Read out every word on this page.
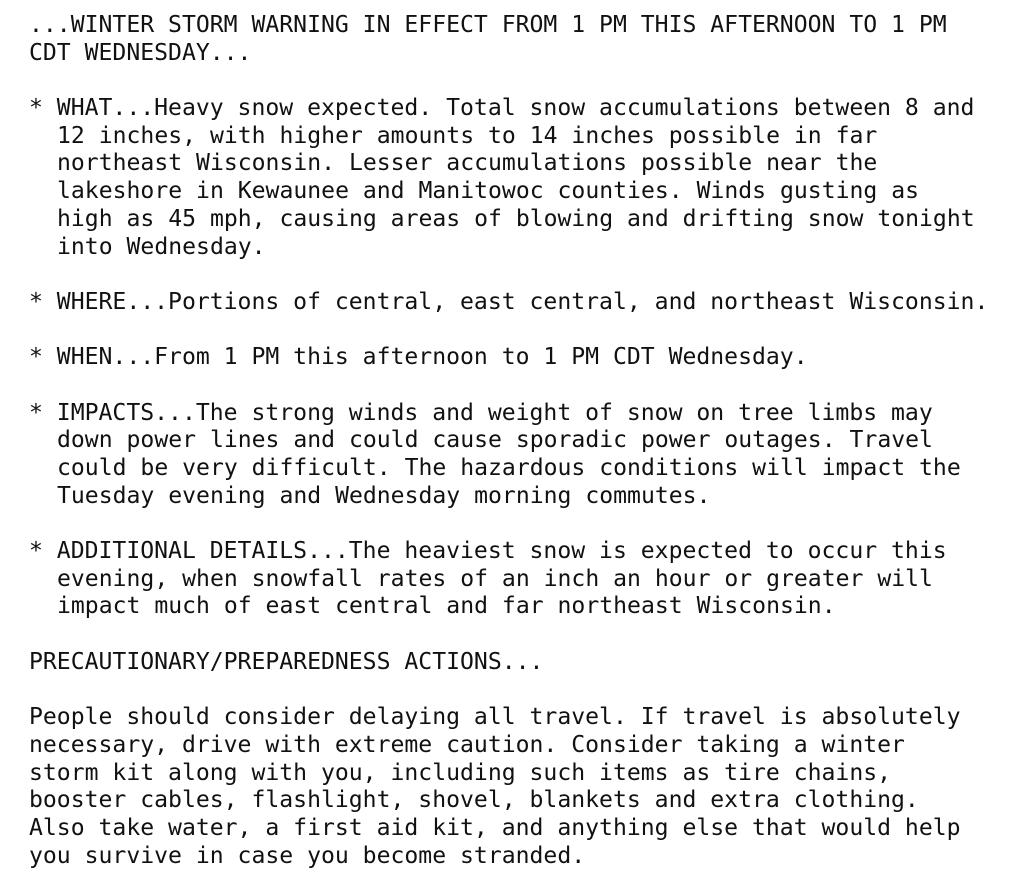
...WINTER STORM WARNING IN EFFECT FROM 1 PM THIS AFTERNOON TO 1 PM
CDT WEDNESDAY...
* WHAT...Heavy snow expected. Total snow accumulations between 8 and
12 inches, with higher amounts to 14 inches possible in far
northeast Wisconsin. Lesser accumulations possible near the
lakeshore in Kewaunee and Manitowoc counties. Winds gusting as
high as 45 mph, causing areas of blowing and drifting snow tonight
into Wednesday.
* WHERE...Portions of central, east central, and northeast Wisconsin.
* WHEN...From 1 PM this afternoon to 1 PM CDT Wednesday.
* IMPACTS...The strong winds and weight of snow on tree limbs may
down power lines and could cause sporadic power outages. Travel
could be very difficult. The hazardous conditions will impact the
Tuesday evening and Wednesday morning commutes.
* ADDITIONAL DETAILS...The heaviest snow is expected to occur this
evening, when snowfall rates of an inch an hour or greater will
impact much of east central and far northeast Wisconsin.
PRECAUTIONARY/PREPAREDNESS ACTIONS...
People should consider delaying all travel. If travel is absolutely
necessary, drive with extreme caution. Consider taking a winter
storm kit along with you, including such items as tire chains,
booster cables, flashlight, shovel, blankets and extra clothing.
Also take water, a first aid kit, and anything else that would help
you survive in case you become stranded.
